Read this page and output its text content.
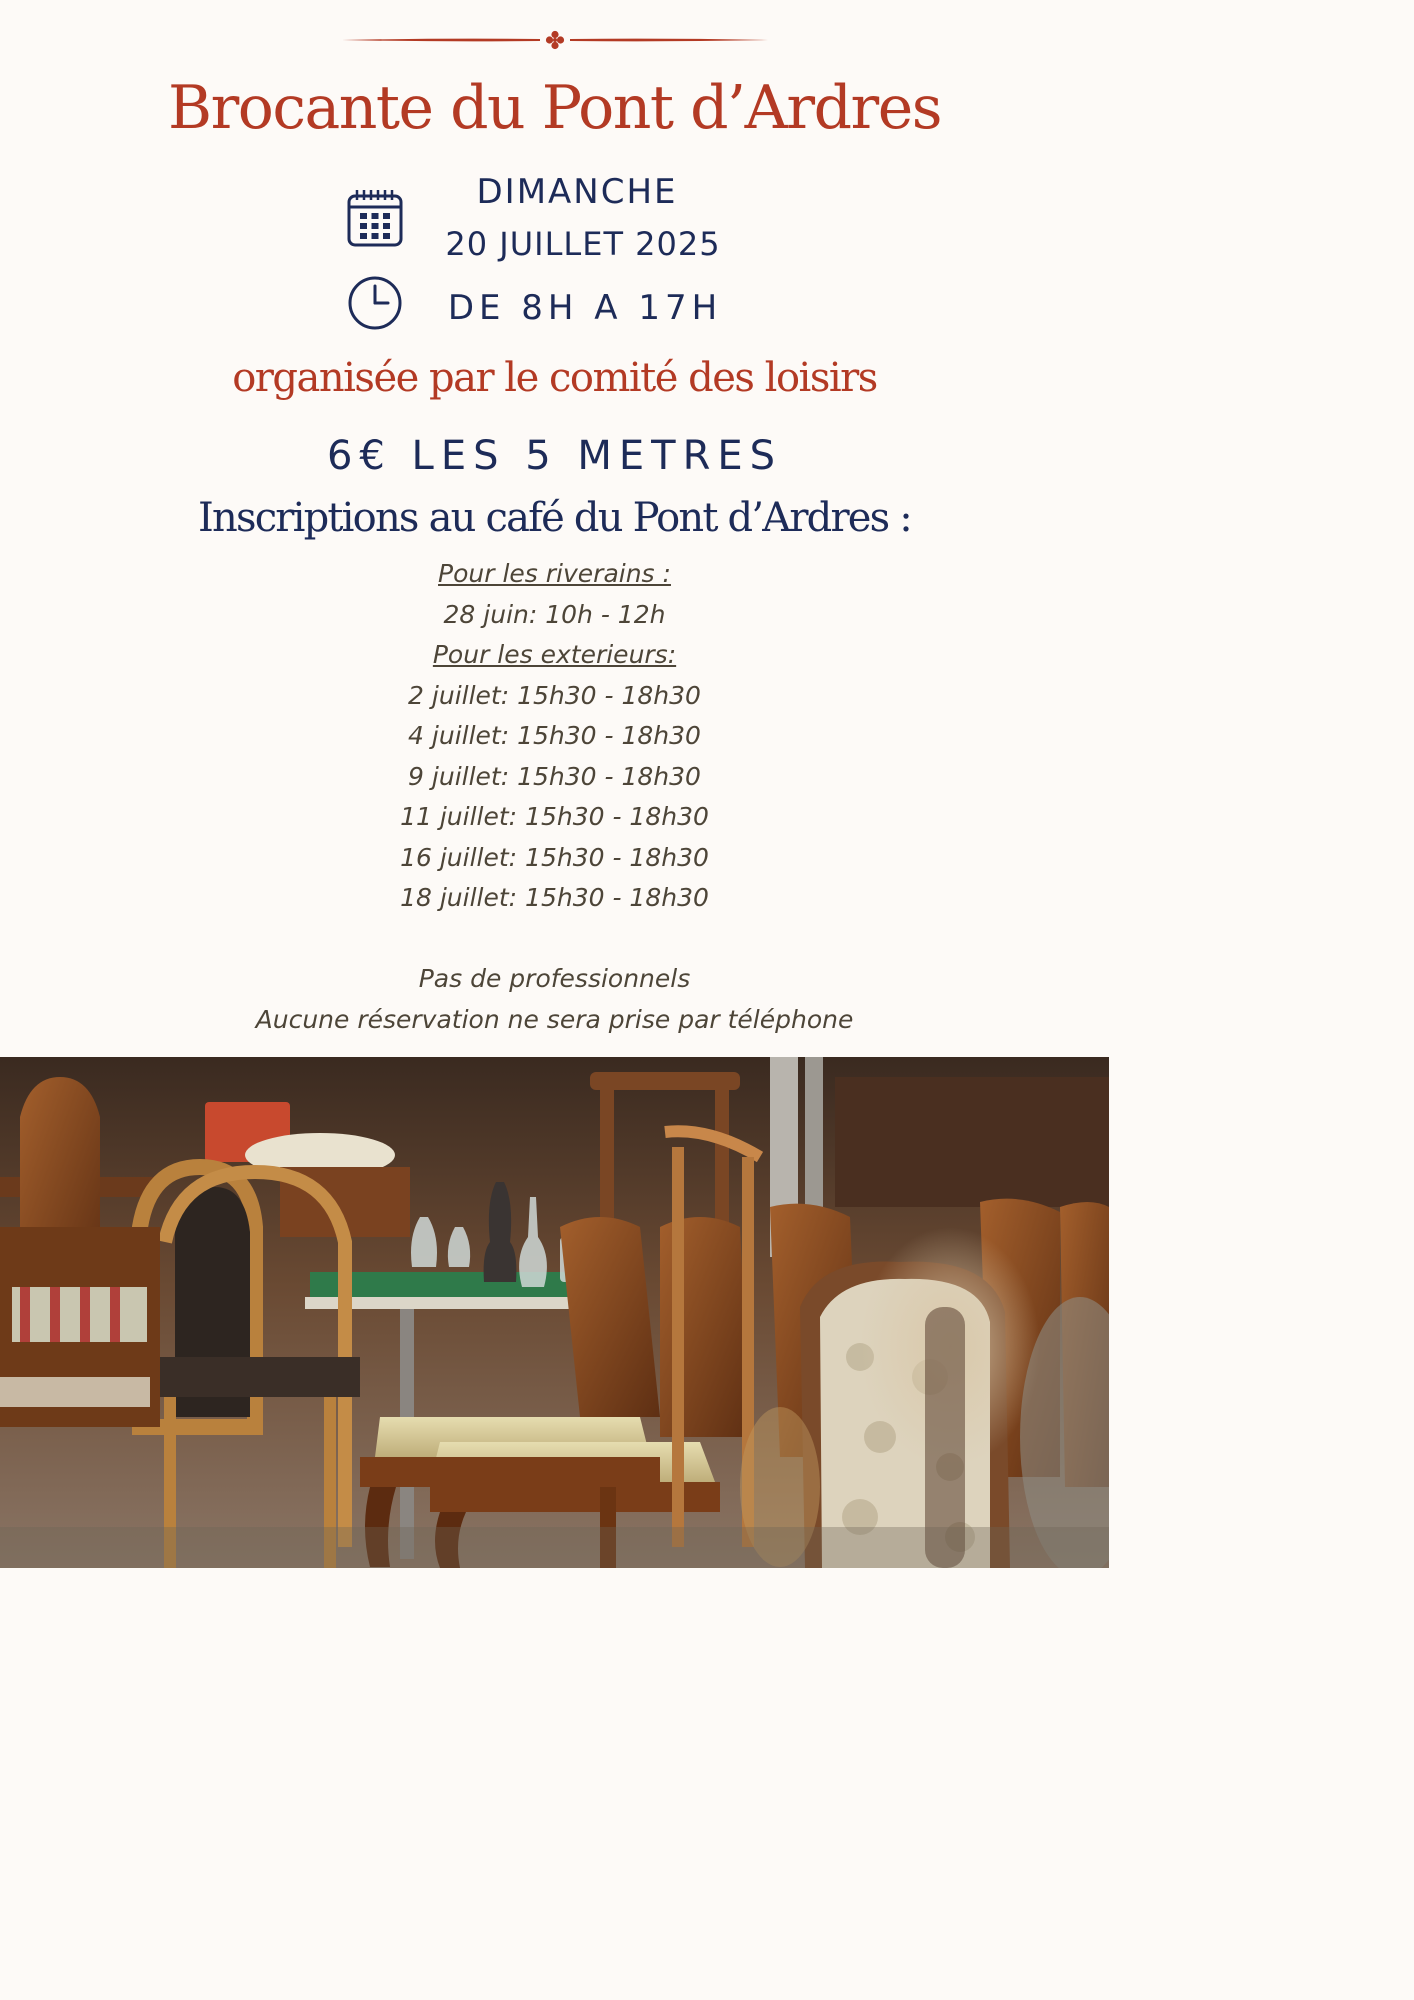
Brocante du Pont d’Ardres
DIMANCHE
20 JUILLET 2025
DE 8H A 17H
organisée par le comité des loisirs
6€ LES 5 METRES
Inscriptions au café du Pont d’Ardres :
Pour les riverains :
28 juin: 10h - 12h
Pour les exterieurs:
2 juillet: 15h30 - 18h30
4 juillet: 15h30 - 18h30
9 juillet: 15h30 - 18h30
11 juillet: 15h30 - 18h30
16 juillet: 15h30 - 18h30
18 juillet: 15h30 - 18h30
Pas de professionnels
Aucune réservation ne sera prise par téléphone
